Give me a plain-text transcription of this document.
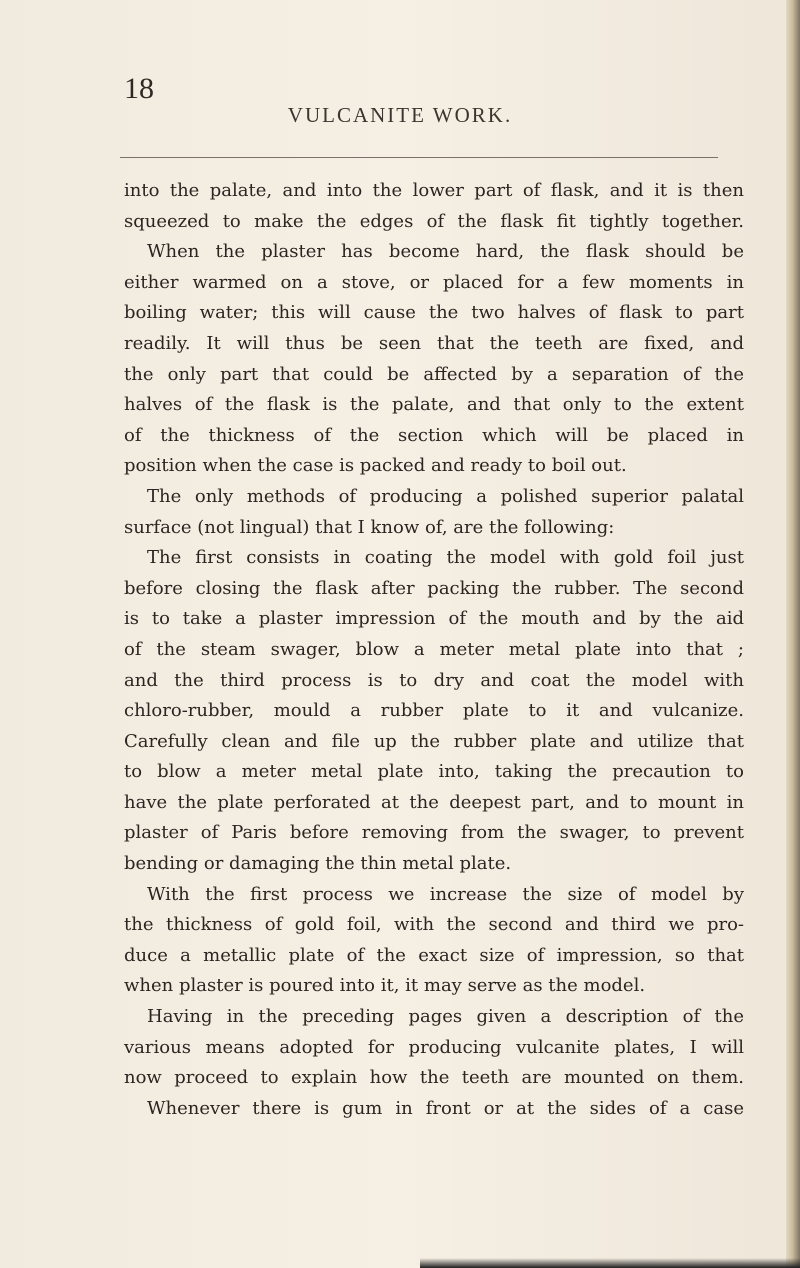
18
VULCANITE WORK.
into the palate, and into the lower part of flask, and it is then
squeezed to make the edges of the flask fit tightly together.
When the plaster has become hard, the flask should be
either warmed on a stove, or placed for a few moments in
boiling water; this will cause the two halves of flask to part
readily. It will thus be seen that the teeth are fixed, and
the only part that could be affected by a separation of the
halves of the flask is the palate, and that only to the extent
of the thickness of the section which will be placed in
position when the case is packed and ready to boil out.
The only methods of producing a polished superior palatal
surface (not lingual) that I know of, are the following:
The first consists in coating the model with gold foil just
before closing the flask after packing the rubber. The second
is to take a plaster impression of the mouth and by the aid
of the steam swager, blow a meter metal plate into that ;
and the third process is to dry and coat the model with
chloro-rubber, mould a rubber plate to it and vulcanize.
Carefully clean and file up the rubber plate and utilize that
to blow a meter metal plate into, taking the precaution to
have the plate perforated at the deepest part, and to mount in
plaster of Paris before removing from the swager, to prevent
bending or damaging the thin metal plate.
With the first process we increase the size of model by
the thickness of gold foil, with the second and third we pro-
duce a metallic plate of the exact size of impression, so that
when plaster is poured into it, it may serve as the model.
Having in the preceding pages given a description of the
various means adopted for producing vulcanite plates, I will
now proceed to explain how the teeth are mounted on them.
Whenever there is gum in front or at the sides of a case
